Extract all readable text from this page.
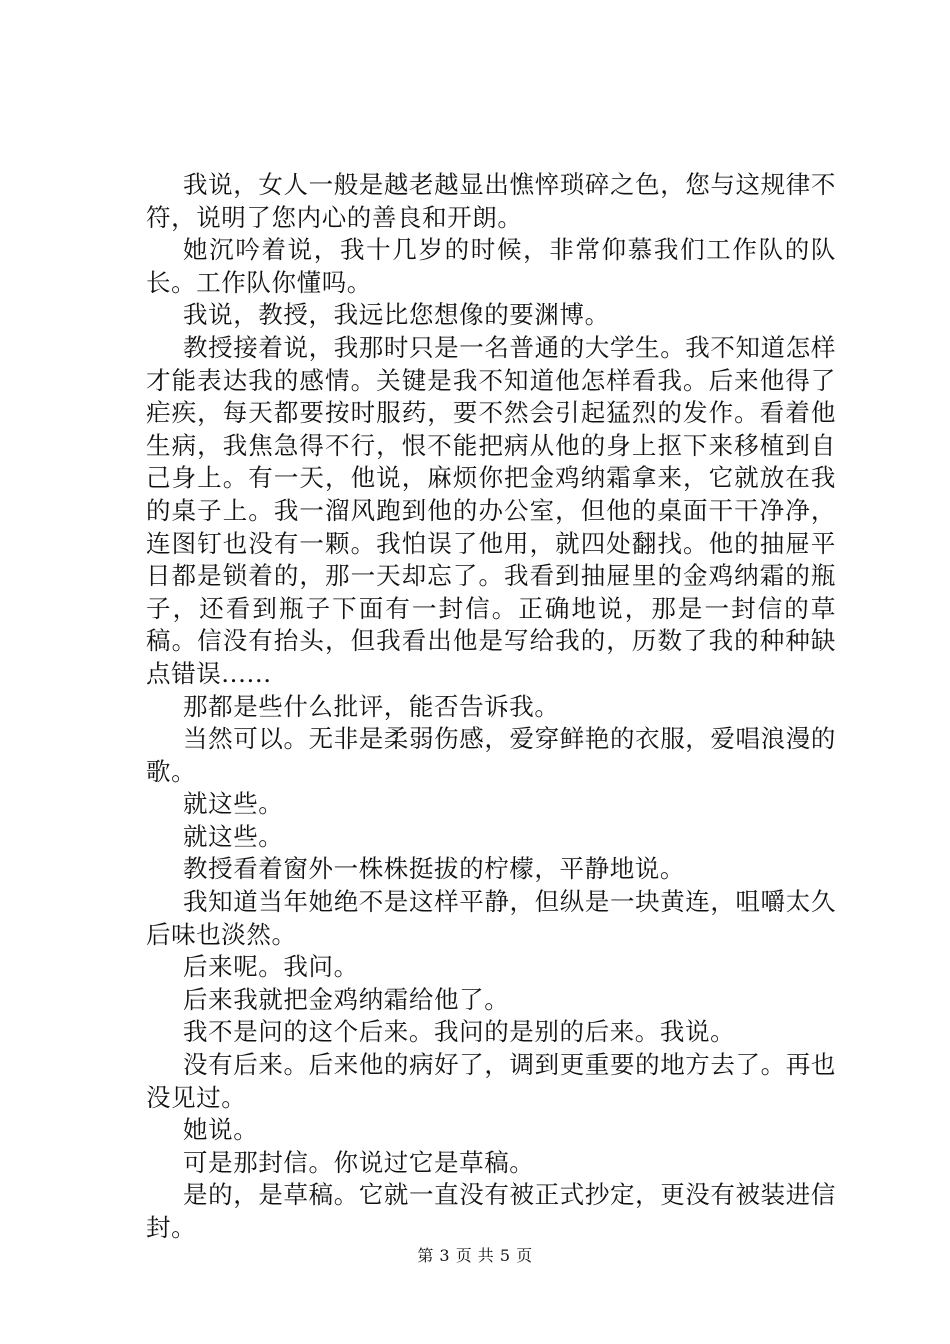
我说，女人一般是越老越显出憔悴琐碎之色，您与这规律不符，说明了您内心的善良和开朗。

她沉吟着说，我十几岁的时候，非常仰慕我们工作队的队长。工作队你懂吗。

我说，教授，我远比您想像的要渊博。

教授接着说，我那时只是一名普通的大学生。我不知道怎样才能表达我的感情。关键是我不知道他怎样看我。后来他得了疟疾，每天都要按时服药，要不然会引起猛烈的发作。看着他生病，我焦急得不行，恨不能把病从他的身上抠下来移植到自己身上。有一天，他说，麻烦你把金鸡纳霜拿来，它就放在我的桌子上。我一溜风跑到他的办公室，但他的桌面干干净净，连图钉也没有一颗。我怕误了他用，就四处翻找。他的抽屉平日都是锁着的，那一天却忘了。我看到抽屉里的金鸡纳霜的瓶子，还看到瓶子下面有一封信。正确地说，那是一封信的草稿。信没有抬头，但我看出他是写给我的，历数了我的种种缺点错误......

那都是些什么批评，能否告诉我。

当然可以。无非是柔弱伤感，爱穿鲜艳的衣服，爱唱浪漫的歌。

就这些。

就这些。

教授看着窗外一株株挺拔的柠檬，平静地说。

我知道当年她绝不是这样平静，但纵是一块黄连，咀嚼太久后味也淡然。

后来呢。我问。

后来我就把金鸡纳霜给他了。

我不是问的这个后来。我问的是别的后来。我说。

没有后来。后来他的病好了，调到更重要的地方去了。再也没见过。

她说。

可是那封信。你说过它是草稿。

是的，是草稿。它就一直没有被正式抄定，更没有被装进信封。

第 3 页 共 5 页
